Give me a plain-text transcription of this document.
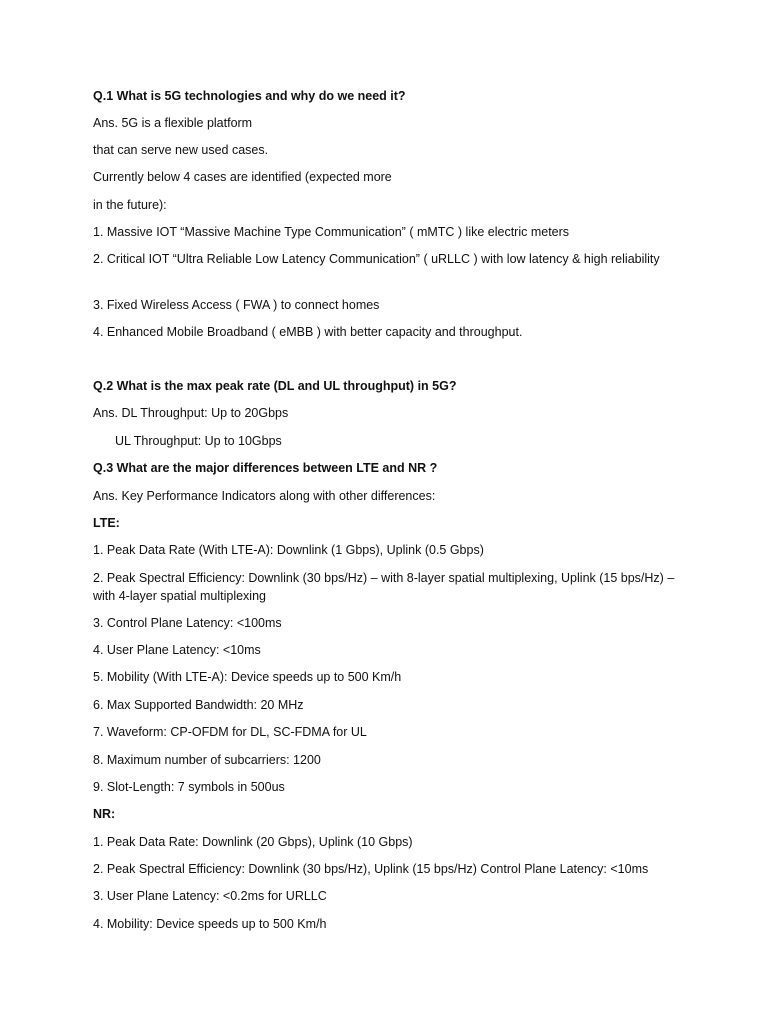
Q.1 What is 5G technologies and why do we need it?
Ans. 5G is a flexible platform
that can serve new used cases.
Currently below 4 cases are identified (expected more
in the future):
1. Massive IOT “Massive Machine Type Communication” ( mMTC ) like electric meters
2. Critical IOT “Ultra Reliable Low Latency Communication” ( uRLLC ) with low latency & high reliability
3. Fixed Wireless Access ( FWA ) to connect homes
4. Enhanced Mobile Broadband ( eMBB ) with better capacity and throughput.
Q.2 What is the max peak rate (DL and UL throughput) in 5G?
Ans. DL Throughput: Up to 20Gbps
UL Throughput: Up to 10Gbps
Q.3 What are the major differences between LTE and NR ?
Ans. Key Performance Indicators along with other differences:
LTE:
1. Peak Data Rate (With LTE-A): Downlink (1 Gbps), Uplink (0.5 Gbps)
2. Peak Spectral Efficiency: Downlink (30 bps/Hz) – with 8-layer spatial multiplexing, Uplink (15 bps/Hz) – with 4-layer spatial multiplexing
3. Control Plane Latency: <100ms
4. User Plane Latency: <10ms
5. Mobility (With LTE-A): Device speeds up to 500 Km/h
6. Max Supported Bandwidth: 20 MHz
7. Waveform: CP-OFDM for DL, SC-FDMA for UL
8. Maximum number of subcarriers: 1200
9. Slot-Length: 7 symbols in 500us
NR:
1. Peak Data Rate: Downlink (20 Gbps), Uplink (10 Gbps)
2. Peak Spectral Efficiency: Downlink (30 bps/Hz), Uplink (15 bps/Hz) Control Plane Latency: <10ms
3. User Plane Latency: <0.2ms for URLLC
4. Mobility: Device speeds up to 500 Km/h
